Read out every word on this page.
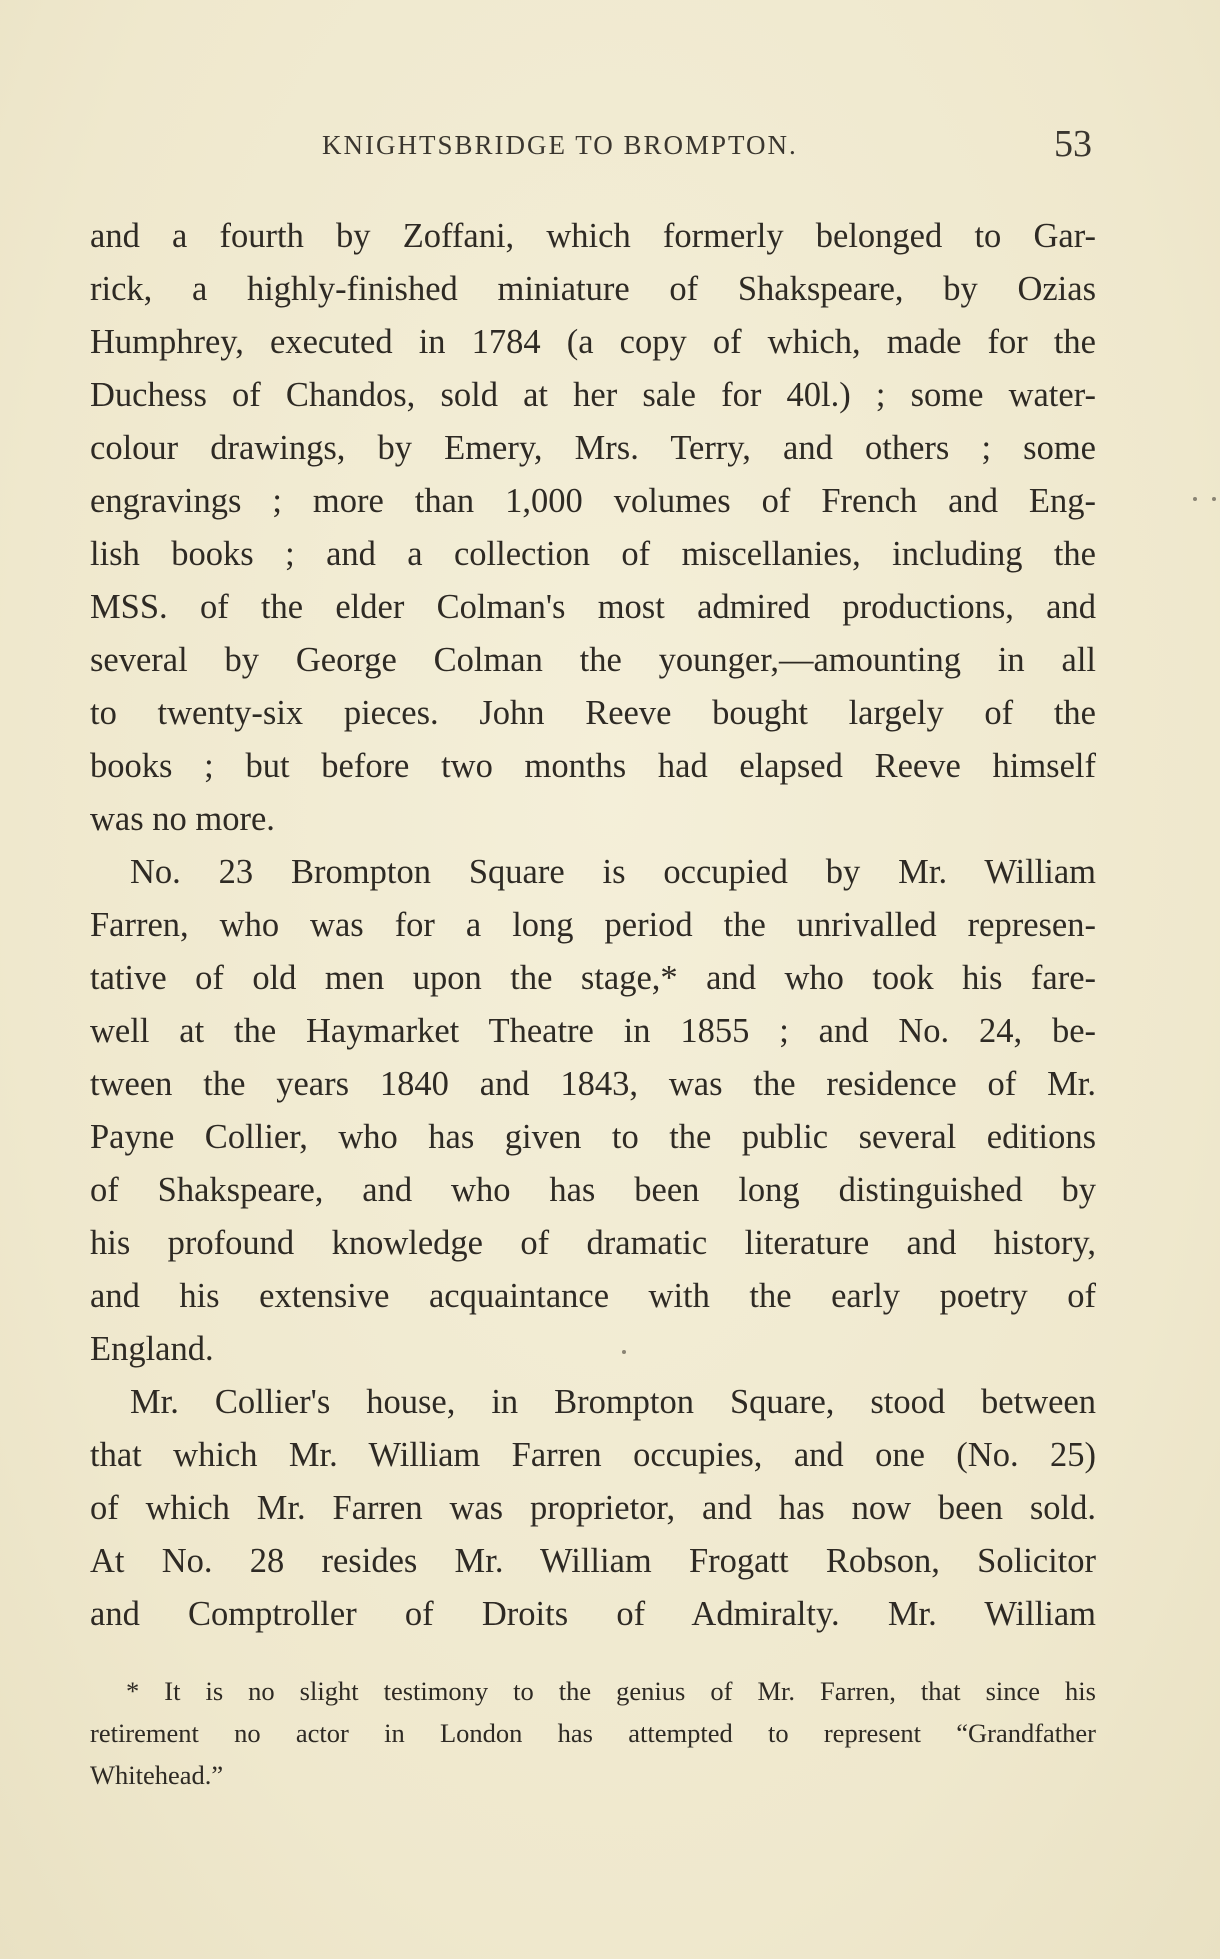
KNIGHTSBRIDGE TO BROMPTON.	53
and a fourth by Zoffani, which formerly belonged to Gar-
rick, a highly-finished miniature of Shakspeare, by Ozias
Humphrey, executed in 1784 (a copy of which, made for the
Duchess of Chandos, sold at her sale for 40l.) ; some water-
colour drawings, by Emery, Mrs. Terry, and others ; some
engravings ; more than 1,000 volumes of French and Eng-
lish books ; and a collection of miscellanies, including the
MSS. of the elder Colman's most admired productions, and
several by George Colman the younger,—amounting in all
to twenty-six pieces. John Reeve bought largely of the
books ; but before two months had elapsed Reeve himself
was no more.
No. 23 Brompton Square is occupied by Mr. William
Farren, who was for a long period the unrivalled represen-
tative of old men upon the stage,* and who took his fare-
well at the Haymarket Theatre in 1855 ; and No. 24, be-
tween the years 1840 and 1843, was the residence of Mr.
Payne Collier, who has given to the public several editions
of Shakspeare, and who has been long distinguished by
his profound knowledge of dramatic literature and history,
and his extensive acquaintance with the early poetry of
England.
Mr. Collier's house, in Brompton Square, stood between
that which Mr. William Farren occupies, and one (No. 25)
of which Mr. Farren was proprietor, and has now been sold.
At No. 28 resides Mr. William Frogatt Robson, Solicitor
and Comptroller of Droits of Admiralty. Mr. William
* It is no slight testimony to the genius of Mr. Farren, that since his
retirement no actor in London has attempted to represent “Grandfather
Whitehead.”
